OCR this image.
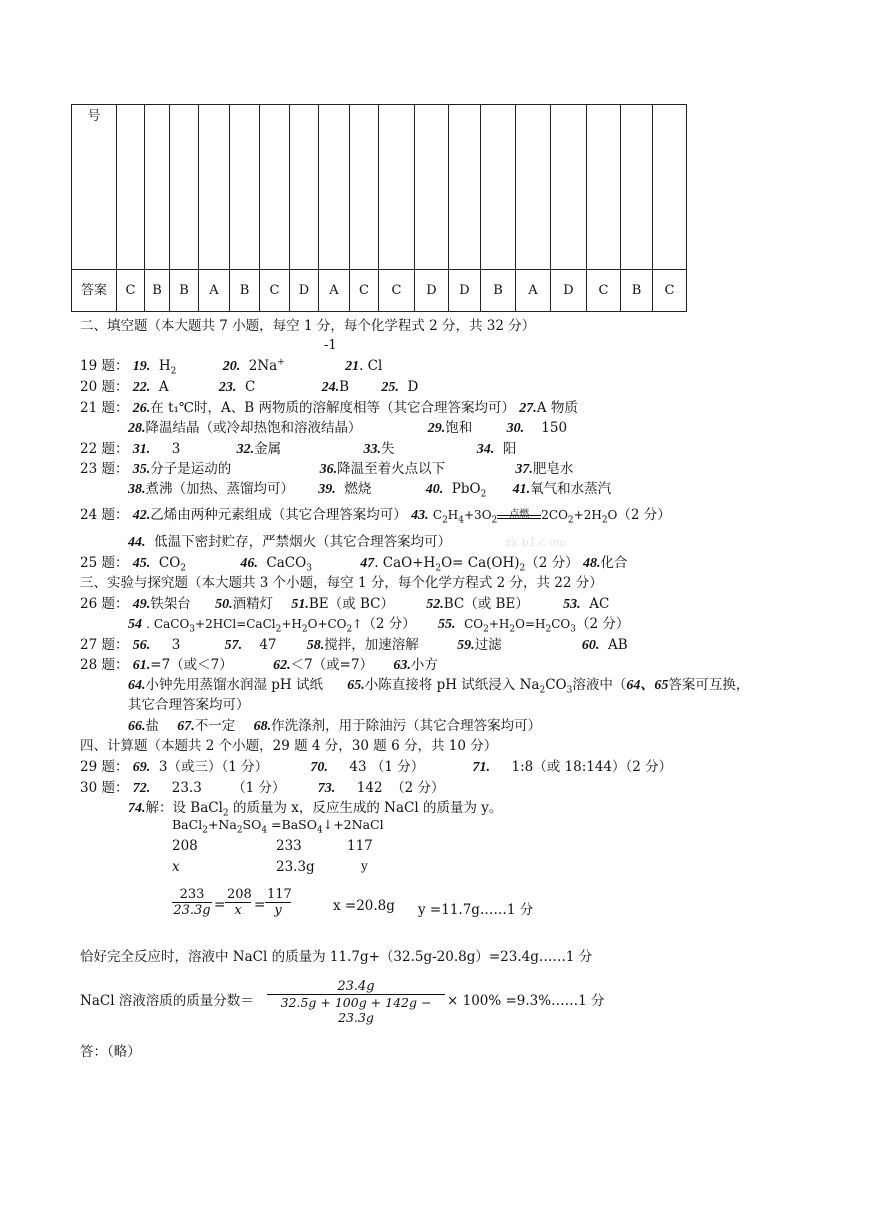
号																		
答案	C	B	B	A	B	C	D	A	C	C	D	D	B	A	D	C	B	C
二、填空题（本大题共 7 小题，每空 1 分，每个化学程式 2 分，共 32 分）
-1
19 题： 19. $H_2$	20. 2Na+	21. Cl
20 题： 22. A	23. C	24.B 25. D
21 题： 26.在 t₁℃时，A、B 两物质的溶解度相等（其它合理答案均可） 27.A 物质
28.降温结晶（或冷却热饱和溶液结晶）	29.饱和 30. 150
22 题： 31. 3	32.金属	33.失	34. 阳
23 题： 35.分子是运动的	36.降温至着火点以下	37.肥皂水
38.煮沸（加热、蒸馏均可） 39. 燃烧	40. PbO$_2$ 41.氧气和水蒸汽
24 题： 42.乙烯由两种元素组成（其它合理答案均可） 43. $C_2H_4+3O_2$
点燃	$2CO_2+2H_2O(2$ 分）
44. 低温下密封贮存，严禁烟火（其它合理答案均可）	xk b1.c om
25 题： 45. $CO_2$	46. CaCO$_3$	47. $CaO+H_2O= Ca(OH)_2(2$ 分） 48.化合
三、实验与探究题（本大题共 3 个小题，每空 1 分，每个化学方程式 2 分，共 22 分）
26 题： 49.铁架台 50.酒精灯 51.BE（或 BC） 52.BC（或 BE） 53. AC
54 . $CaCO_3+2HCl=CaCl_2+H_2O+CO_2↑(2$ 分） 55. $CO_2+H_2O=H_2CO_3(2$ 分）
27 题： 56. 3	57. 47 58.搅拌，加速溶解	59.过滤	60. AB
28 题： 61.=7（或＜7）	62.＜7（或=7） 63.小方
64.小钟先用蒸馏水润湿 pH 试纸 65.小陈直接将 pH 试纸浸入 $Na_2CO_3$溶液中（64、65答案可互换，
其它合理答案均可）
66.盐 67.不一定 68.作洗涤剂，用于除油污（其它合理答案均可）
四、计算题（本题共 2 个小题，29 题 4 分，30 题 6 分，共 10 分）
29 题： 69. 3（或三）（1 分）	70. 43 （1 分）	71. 1:8（或 18:144）（2 分）
30 题： 72. 23.3 （1 分） 73. 142 （2 分）
74.解：设 BaCl$_2$ 的质量为 x，反应生成的 NaCl 的质量为 y。
$BaCl_2+Na_2SO_4$ =BaSO$_4$↓+2NaCl
208	233	117
x	23.3g	y
$\frac{233}{23.3g} = \frac{208}{x} = \frac{117}{y}$	x =20.8g y =11.7g……1 分
恰好完全反应时，溶液中 NaCl 的质量为 11.7g+（32.5g-20.8g）=23.4g……1 分
NaCl 溶液溶质的质量分数＝ $\frac{23.4g}{32.5g + 100g + 142g - 23.3g} \times 100\%$ =9.3%……1 分
答：（略）
